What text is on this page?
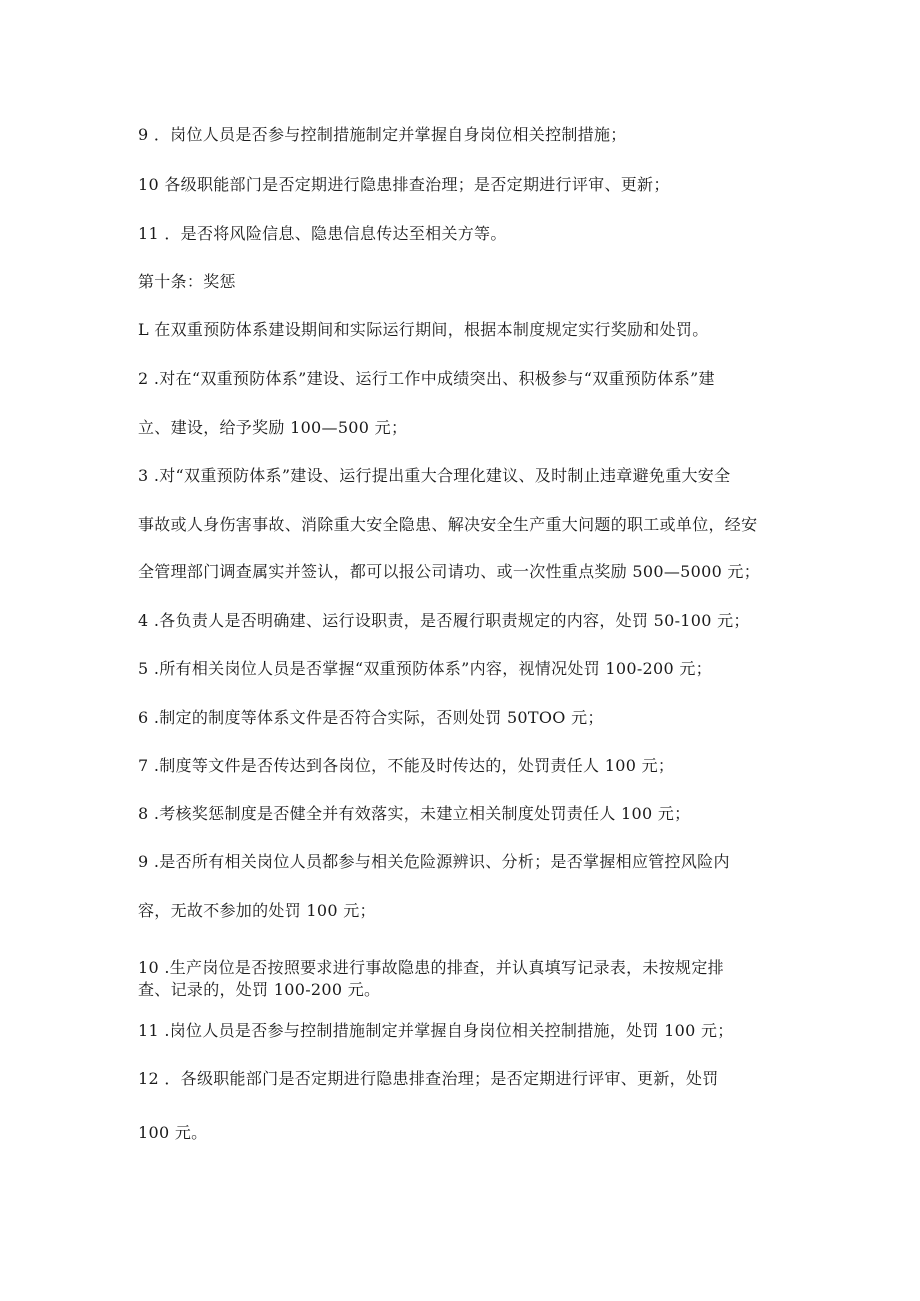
9 ．岗位人员是否参与控制措施制定并掌握自身岗位相关控制措施；
10 各级职能部门是否定期进行隐患排查治理；是否定期进行评审、更新；
11 ．是否将风险信息、隐患信息传达至相关方等。
第十条：奖惩
L 在双重预防体系建设期间和实际运行期间，根据本制度规定实行奖励和处罚。
2 .对在“双重预防体系”建设、运行工作中成绩突出、积极参与“双重预防体系”建
立、建设，给予奖励 100—500 元；
3 .对“双重预防体系”建设、运行提出重大合理化建议、及时制止违章避免重大安全
事故或人身伤害事故、消除重大安全隐患、解决安全生产重大问题的职工或单位，经安
全管理部门调查属实并签认，都可以报公司请功、或一次性重点奖励 500—5000 元；
4 .各负责人是否明确建、运行设职责，是否履行职责规定的内容，处罚 50-100 元；
5 .所有相关岗位人员是否掌握“双重预防体系”内容，视情况处罚 100-200 元；
6 .制定的制度等体系文件是否符合实际，否则处罚 50TOO 元；
7 .制度等文件是否传达到各岗位，不能及时传达的，处罚责任人 100 元；
8 .考核奖惩制度是否健全并有效落实，未建立相关制度处罚责任人 100 元；
9 .是否所有相关岗位人员都参与相关危险源辨识、分析；是否掌握相应管控风险内
容，无故不参加的处罚 100 元；
10 .生产岗位是否按照要求进行事故隐患的排查，并认真填写记录表，未按规定排
查、记录的，处罚 100-200 元。
11 .岗位人员是否参与控制措施制定并掌握自身岗位相关控制措施，处罚 100 元；
12 ．各级职能部门是否定期进行隐患排查治理；是否定期进行评审、更新，处罚
100 元。
